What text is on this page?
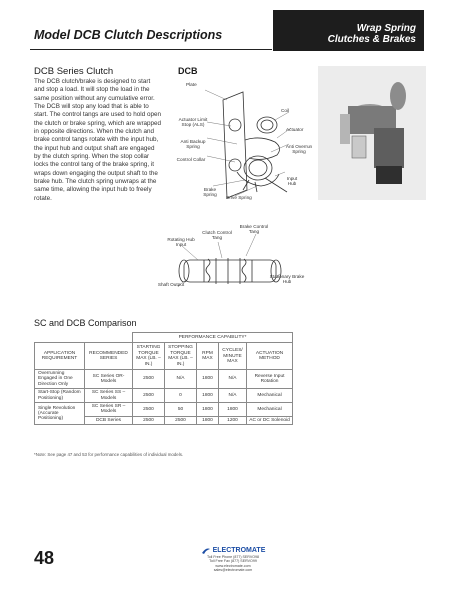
Model DCB Clutch Descriptions	Wrap Spring
Clutches & Brakes
DCB Series Clutch
The DCB clutch/brake is designed to start and stop a load. It will stop the load in the same position without any cumulative error. The DCB will stop any load that is able to start. The control tangs are used to hold open the clutch or brake spring, which are wrapped in opposite directions. When the clutch and brake control tangs rotate with the input hub, the input hub and output shaft are engaged by the clutch spring. When the stop collar locks the control tang of the brake spring, it wraps down engaging the output shaft to the brake hub. The clutch spring unwraps at the same time, allowing the input hub to freely rotate.
DCB
Plate
Coil
Actuator Limit Stop (ALS)
Actuator
Anti Backup Spring	Anti Overrun Spring
Control Collar
Input Hub
Brake Spring
Drive Spring
Brake Control Tang
Clutch Control Tang
Rotating Hub Input
Stationary Brake Hub
Shaft Output
SC and DCB Comparison
		PERFORMANCE CAPABILITY*				
APPLICATION REQUIREMENT	RECOMMENDED SERIES	STARTING TORQUE MAX (LB. – IN.)	STOPPING TORQUE MAX (LB. – IN.)	RPM MAX	CYCLES/ MINUTE MAX	ACTUATION METHOD
Overrunning Engaged in One Direction Only	SC Series OR-Models	2500	N/A	1800	N/A	Reverse Input Rotation
Start-Stop (Random Positioning)	SC Series SS – Models	2500	0	1800	N/A	Mechanical
Single Revolution (Accurate Positioning)	SC Series SR – Models	2500	50	1800	1800	Mechanical
	DCB Series	2500	2500	1800	1200	AC or DC Solenoid
*Note: See page 47 and 53 for performance capabilities of individual models.
48	ELECTROMATE
Toll Free Phone (877) SERVO98
Toll Free Fax (877) SERVO99
www.electromate.com
sales@electromate.com
